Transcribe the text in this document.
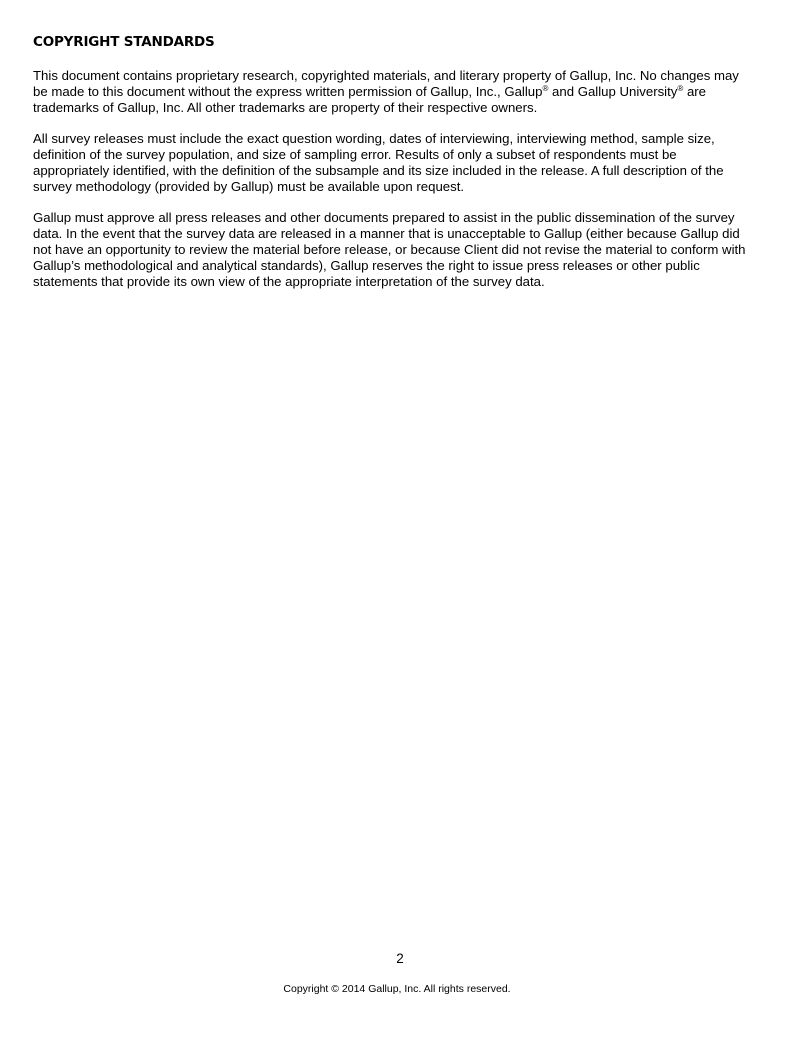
COPYRIGHT STANDARDS

This document contains proprietary research, copyrighted materials, and literary property of Gallup, Inc. No changes may be made to this document without the express written permission of Gallup, Inc., Gallup® and Gallup University® are trademarks of Gallup, Inc. All other trademarks are property of their respective owners.

All survey releases must include the exact question wording, dates of interviewing, interviewing method, sample size, definition of the survey population, and size of sampling error. Results of only a subset of respondents must be appropriately identified, with the definition of the subsample and its size included in the release. A full description of the survey methodology (provided by Gallup) must be available upon request.

Gallup must approve all press releases and other documents prepared to assist in the public dissemination of the survey data. In the event that the survey data are released in a manner that is unacceptable to Gallup (either because Gallup did not have an opportunity to review the material before release, or because Client did not revise the material to conform with Gallup’s methodological and analytical standards), Gallup reserves the right to issue press releases or other public statements that provide its own view of the appropriate interpretation of the survey data.

2
Copyright © 2014 Gallup, Inc. All rights reserved.
